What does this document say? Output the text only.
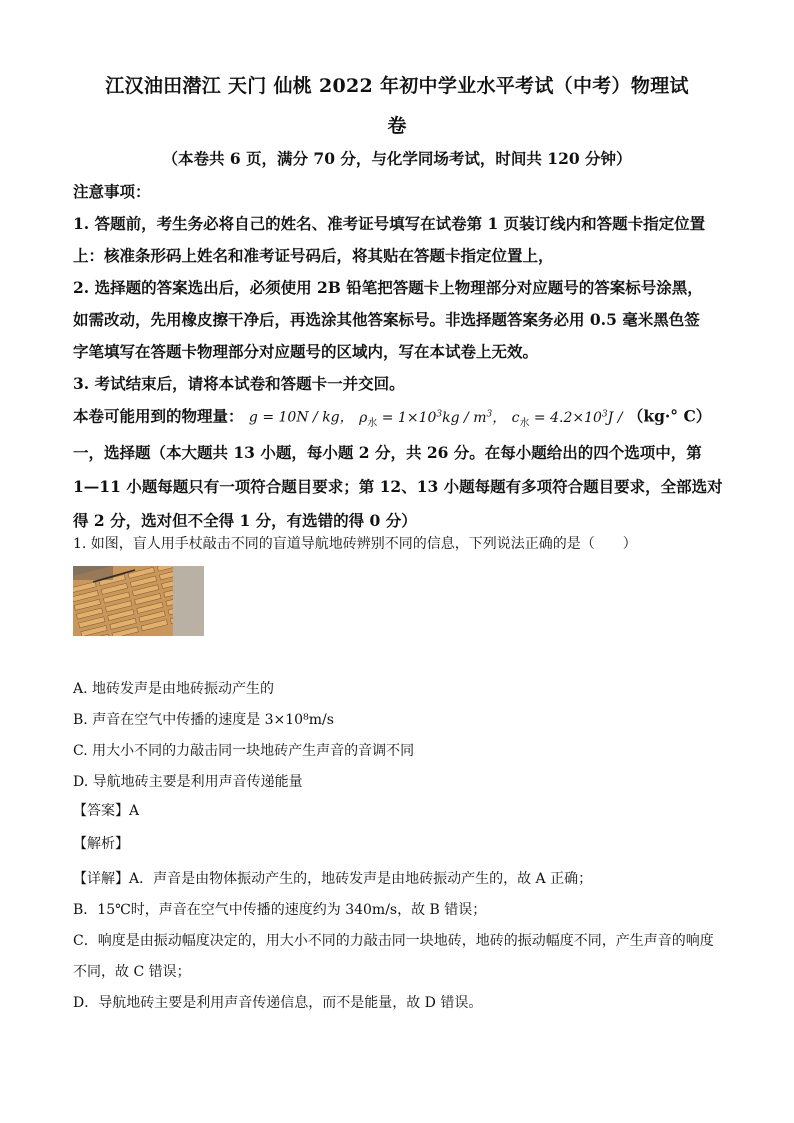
江汉油田潜江 天门 仙桃 2022 年初中学业水平考试（中考）物理试
卷
（本卷共 6 页，满分 70 分，与化学同场考试，时间共 120 分钟）
注意事项：

1. 答题前，考生务必将自己的姓名、准考证号填写在试卷第 1 页装订线内和答题卡指定位置

上：核准条形码上姓名和准考证号码后，将其贴在答题卡指定位置上，

2. 选择题的答案选出后，必须使用 2B 铅笔把答题卡上物理部分对应题号的答案标号涂黑，

如需改动，先用橡皮擦干净后，再选涂其他答案标号。非选择题答案务必用 0.5 毫米黑色签

字笔填写在答题卡物理部分对应题号的区域内，写在本试卷上无效。

3. 考试结束后，请将本试卷和答题卡一并交回。

本卷可能用到的物理量： g = 10N / kg， $\rho_水 = 1\times 10^3kg / m^3$， $c_水 = 4.2\times 10^3J / (kg\cdot^\circ$ C）
一，选择题（本大题共 13 小题，每小题 2 分，共 26 分。在每小题给出的四个选项中，第
1—11 小题每题只有一项符合题目要求；第 12、13 小题每题有多项符合题目要求，全部选对
得 2 分，选对但不全得 1 分，有选错的得 0 分）
1. 如图，盲人用手杖敲击不同的盲道导航地砖辨别不同的信息，下列说法正确的是（　　）
A. 地砖发声是由地砖振动产生的
B. 声音在空气中传播的速度是 3×10⁸m/s
C. 用大小不同的力敲击同一块地砖产生声音的音调不同
D. 导航地砖主要是利用声音传递能量
【答案】A
【解析】

【详解】A．声音是由物体振动产生的，地砖发声是由地砖振动产生的，故 A 正确；

B．15℃时，声音在空气中传播的速度约为 340m/s，故 B 错误；

C．响度是由振动幅度决定的，用大小不同的力敲击同一块地砖，地砖的振动幅度不同，产生声音的响度

不同，故 C 错误；

D．导航地砖主要是利用声音传递信息，而不是能量，故 D 错误。
